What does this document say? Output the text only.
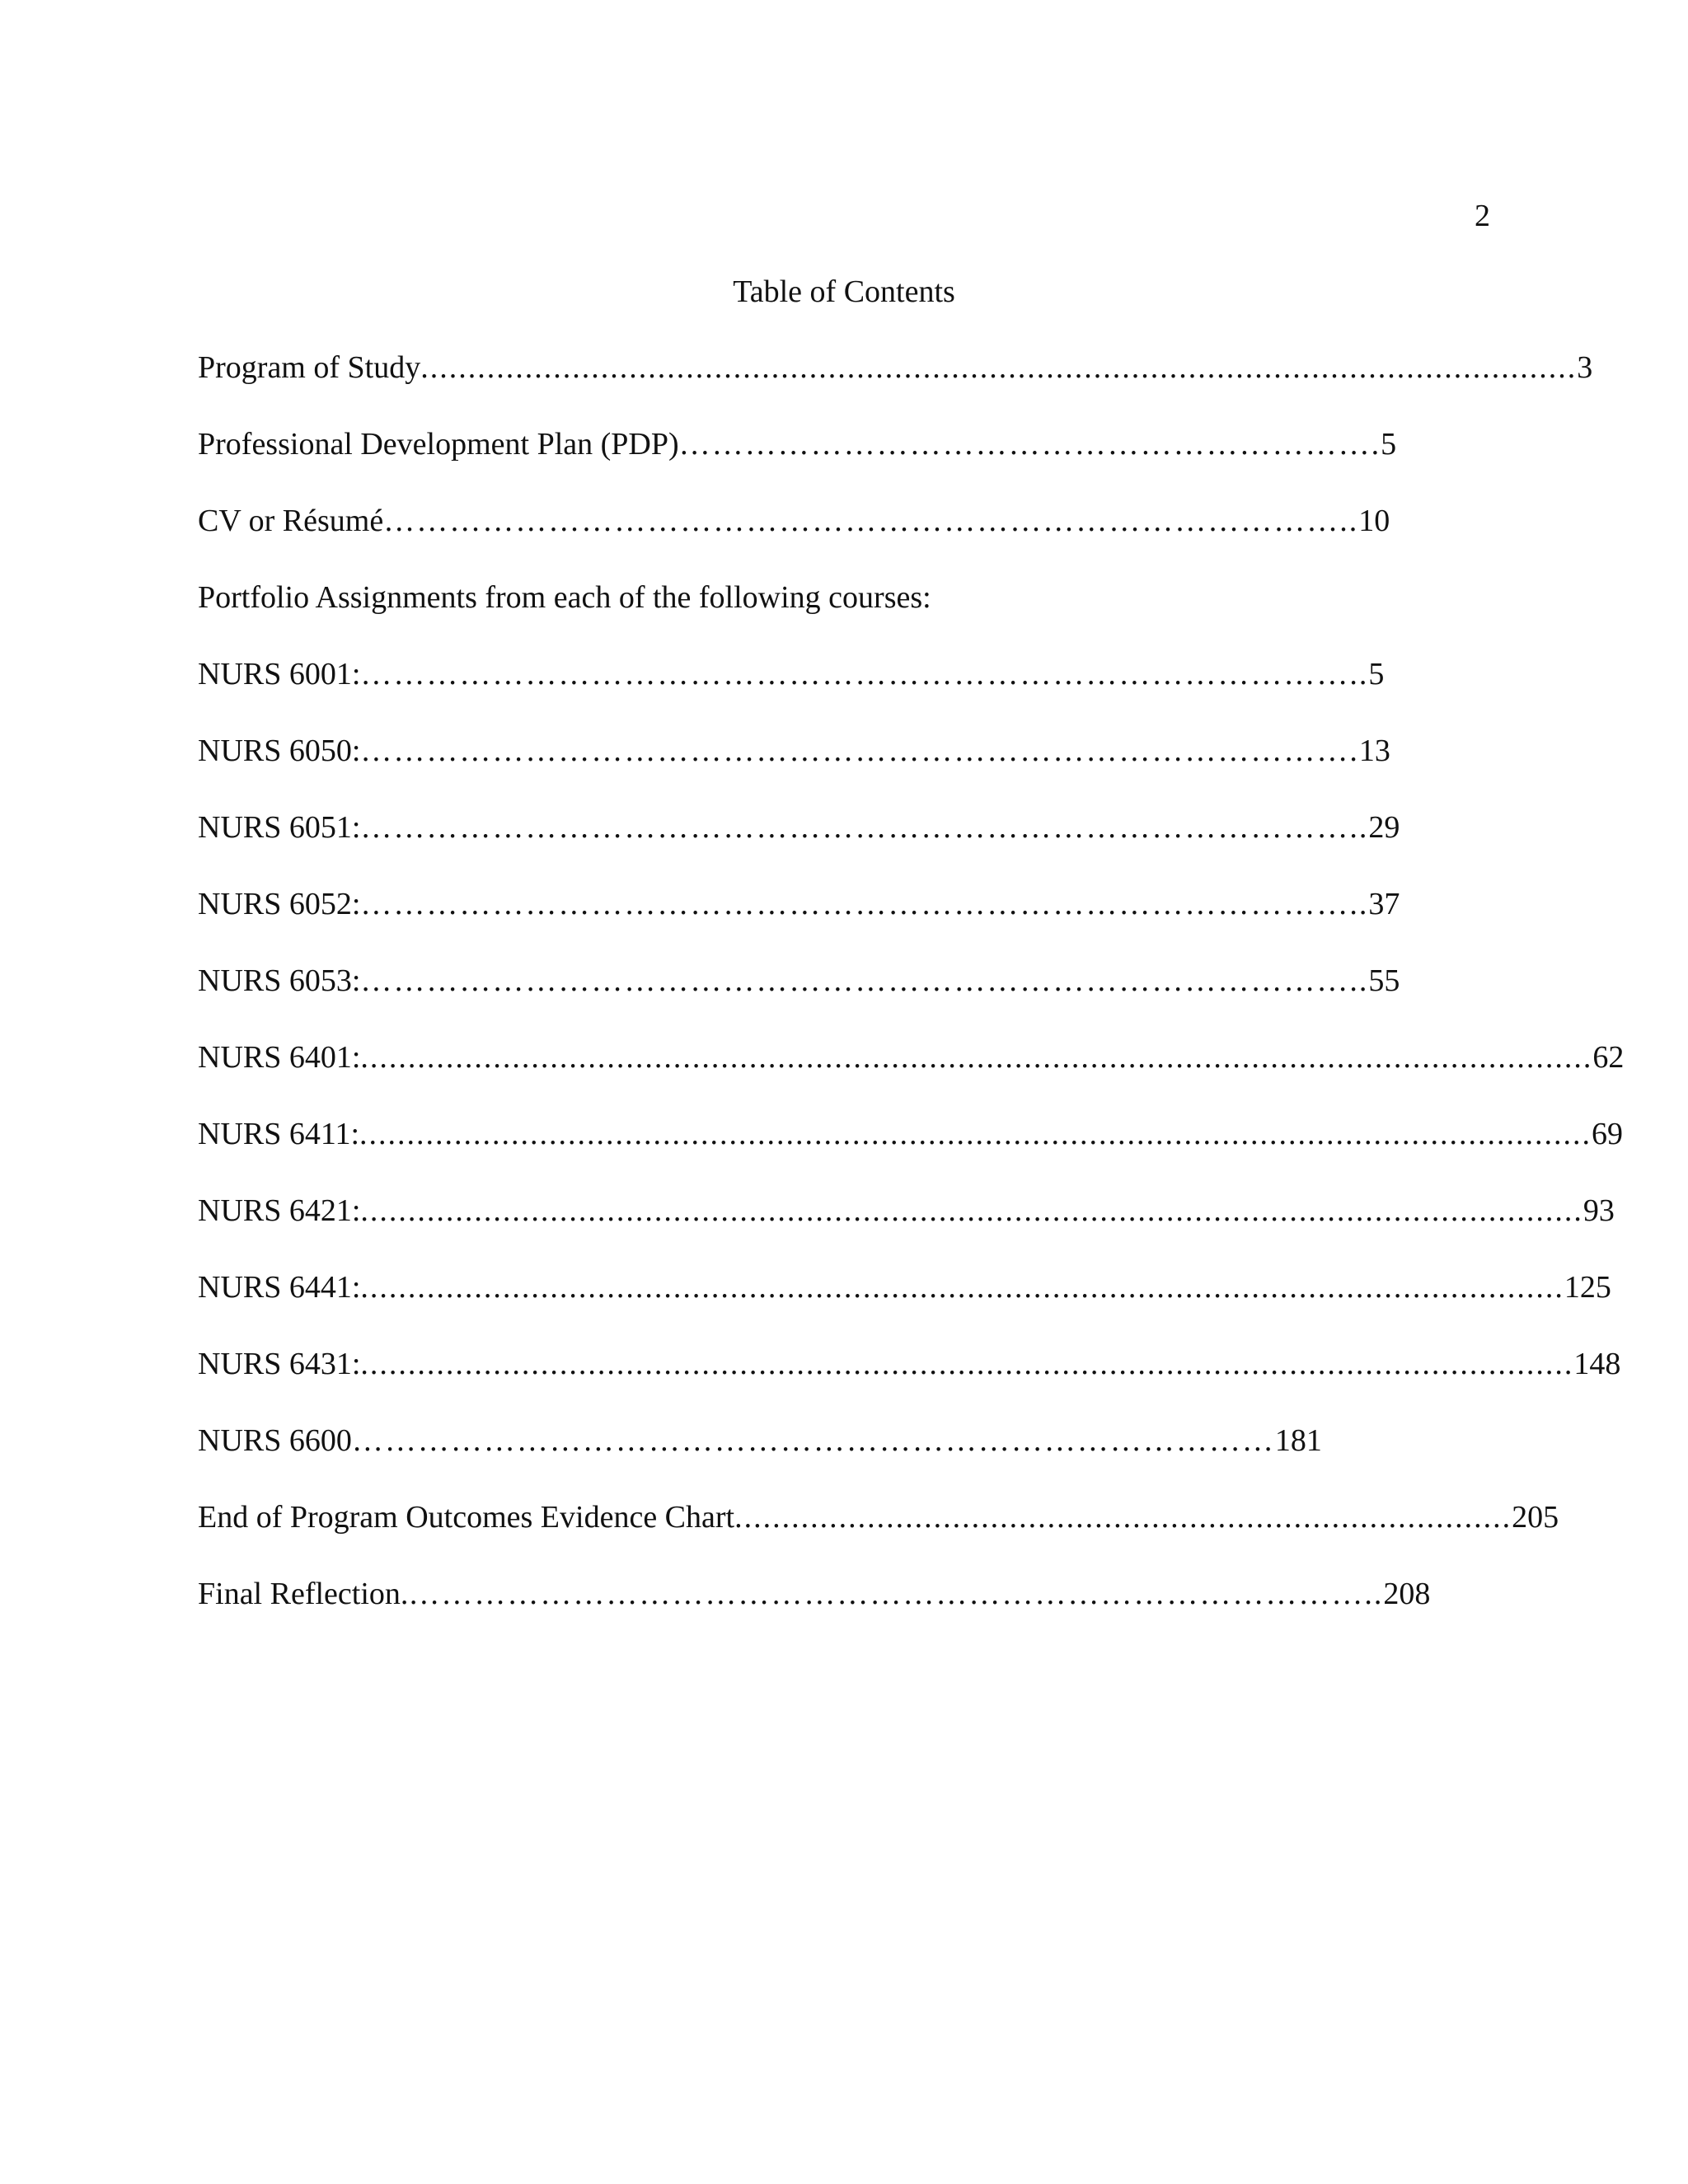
2
Table of Contents
Program of Study..........................................................................................................................3
Professional Development Plan (PDP)……………………………………………………….5
CV or Résumé……………………………………………………………………………..10
Portfolio Assignments from each of the following courses:
NURS 6001:………………………………………………………………………………..5
NURS 6050:……………………………………………………………………………….13
NURS 6051:………………………………………………………………………………..29
NURS 6052:………………………………………………………………………………..37
NURS 6053:………………………………………………………………………………..55
NURS 6401:..................................................................................................................................62
NURS 6411:..................................................................................................................................69
NURS 6421:.................................................................................................................................93
NURS 6441:...............................................................................................................................125
NURS 6431:................................................................................................................................148
NURS 6600…………………………………………………………………………181
End of Program Outcomes Evidence Chart..................................................................................205
Final Reflection.……………………………………………………………………………..208
